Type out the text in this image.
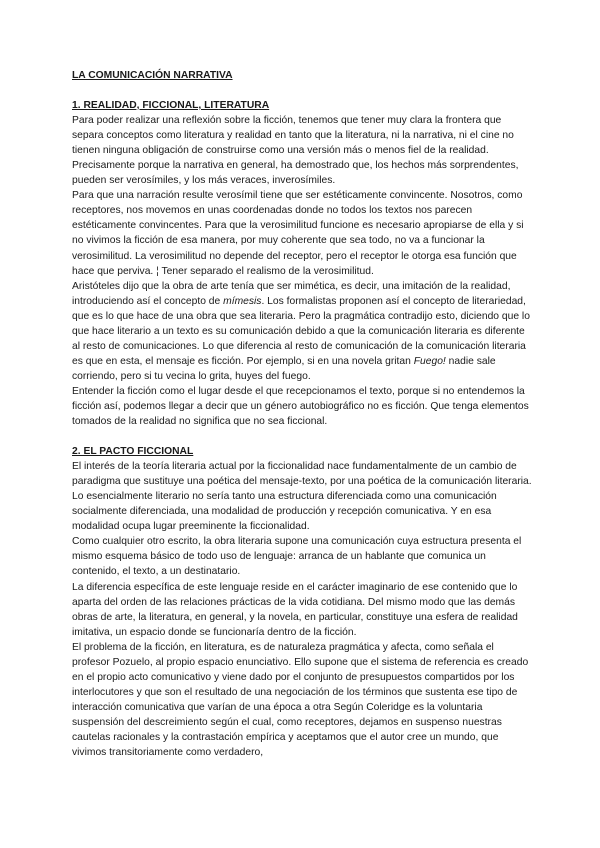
LA COMUNICACIÓN NARRATIVA

1. REALIDAD, FICCIONAL, LITERATURA

Para poder realizar una reflexión sobre la ficción, tenemos que tener muy clara la frontera que separa conceptos como literatura y realidad en tanto que la literatura, ni la narrativa, ni el cine no tienen ninguna obligación de construirse como una versión más o menos fiel de la realidad. Precisamente porque la narrativa en general, ha demostrado que, los hechos más sorprendentes, pueden ser verosímiles, y los más veraces, inverosímiles.

Para que una narración resulte verosímil tiene que ser estéticamente convincente. Nosotros, como receptores, nos movemos en unas coordenadas donde no todos los textos nos parecen estéticamente convincentes. Para que la verosimilitud funcione es necesario apropiarse de ella y si no vivimos la ficción de esa manera, por muy coherente que sea todo, no va a funcionar la verosimilitud. La verosimilitud no depende del receptor, pero el receptor le otorga esa función que hace que perviva. ¦ Tener separado el realismo de la verosimilitud.

Aristóteles dijo que la obra de arte tenía que ser mimética, es decir, una imitación de la realidad, introduciendo así el concepto de mímesis. Los formalistas proponen así el concepto de literariedad, que es lo que hace de una obra que sea literaria. Pero la pragmática contradijo esto, diciendo que lo que hace literario a un texto es su comunicación debido a que la comunicación literaria es diferente al resto de comunicaciones. Lo que diferencia al resto de comunicación de la comunicación literaria es que en esta, el mensaje es ficción. Por ejemplo, si en una novela gritan Fuego! nadie sale corriendo, pero si tu vecina lo grita, huyes del fuego.

Entender la ficción como el lugar desde el que recepcionamos el texto, porque si no entendemos la ficción así, podemos llegar a decir que un género autobiográfico no es ficción. Que tenga elementos tomados de la realidad no significa que no sea ficcional.

2. EL PACTO FICCIONAL

El interés de la teoría literaria actual por la ficcionalidad nace fundamentalmente de un cambio de paradigma que sustituye una poética del mensaje-texto, por una poética de la comunicación literaria. Lo esencialmente literario no sería tanto una estructura diferenciada como una comunicación socialmente diferenciada, una modalidad de producción y recepción comunicativa. Y en esa modalidad ocupa lugar preeminente la ficcionalidad.

Como cualquier otro escrito, la obra literaria supone una comunicación cuya estructura presenta el mismo esquema básico de todo uso de lenguaje: arranca de un hablante que comunica un contenido, el texto, a un destinatario.

La diferencia específica de este lenguaje reside en el carácter imaginario de ese contenido que lo aparta del orden de las relaciones prácticas de la vida cotidiana. Del mismo modo que las demás obras de arte, la literatura, en general, y la novela, en particular, constituye una esfera de realidad imitativa, un espacio donde se funcionaría dentro de la ficción.

El problema de la ficción, en literatura, es de naturaleza pragmática y afecta, como señala el profesor Pozuelo, al propio espacio enunciativo. Ello supone que el sistema de referencia es creado en el propio acto comunicativo y viene dado por el conjunto de presupuestos compartidos por los interlocutores y que son el resultado de una negociación de los términos que sustenta ese tipo de interacción comunicativa que varían de una época a otra Según Coleridge es la voluntaria suspensión del descreimiento según el cual, como receptores, dejamos en suspenso nuestras cautelas racionales y la contrastación empírica y aceptamos que el autor cree un mundo, que vivimos transitoriamente como verdadero,
